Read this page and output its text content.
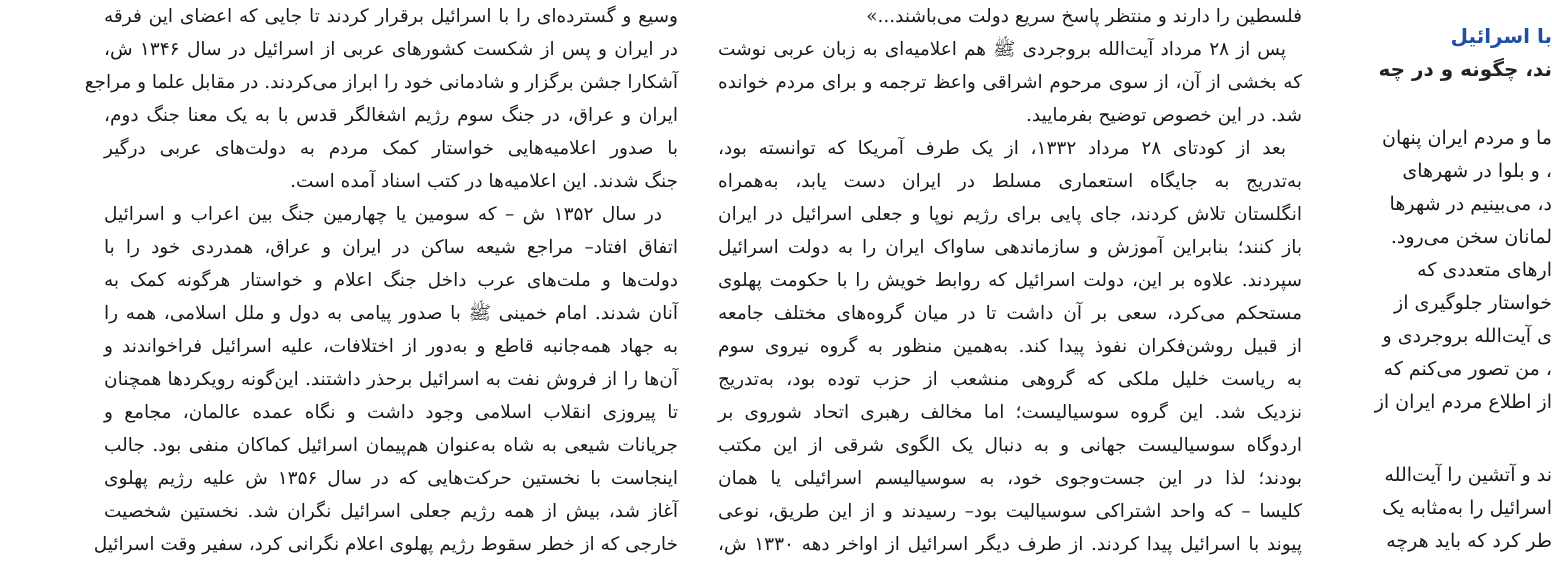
وسیع و گسترده‌ای را با اسرائیل برقرار کردند تا جایی که اعضای این فرقه
در ایران و پس از شکست کشورهای عربی از اسرائیل در سال ۱۳۴۶ ش،
آشکارا جشن برگزار و شادمانی خود را ابراز می‌کردند. در مقابل علما و مراجع
ایران و عراق، در جنگ سوم رژیم اشغالگر قدس با به یک معنا جنگ دوم،
با صدور اعلامیه‌هایی خواستار کمک مردم به دولت‌های عربی درگیر
جنگ شدند. این اعلامیه‌ها در کتب اسناد آمده است.
در سال ۱۳۵۲ ش – که سومین یا چهارمین جنگ بین اعراب و اسرائیل
اتفاق افتاد– مراجع شیعه ساکن در ایران و عراق، همدردی خود را با
دولت‌ها و ملت‌های عرب داخل جنگ اعلام و خواستار هرگونه کمک به
آنان شدند. امام خمینی ﷺ با صدور پیامی به دول و ملل اسلامی، همه را
به جهاد همه‌جانبه قاطع و به‌دور از اختلافات، علیه اسرائیل فراخواندند و
آن‌ها را از فروش نفت به اسرائیل برحذر داشتند. این‌گونه رویکردها همچنان
تا پیروزی انقلاب اسلامی وجود داشت و نگاه عمده عالمان، مجامع و
جریانات شیعی به شاه به‌عنوان هم‌پیمان اسرائیل کماکان منفی بود. جالب
اینجاست با نخستین حرکت‌هایی که در سال ۱۳۵۶ ش علیه رژیم پهلوی
آغاز شد، بیش از همه رژیم جعلی اسرائیل نگران شد. نخستین شخصیت
خارجی که از خطر سقوط رژیم پهلوی اعلام نگرانی کرد، سفیر وقت اسرائیل
فلسطین را دارند و منتظر پاسخ سریع دولت می‌باشند...»
پس از ۲۸ مرداد آیت‌الله بروجردی ﷺ هم اعلامیه‌ای به زبان عربی نوشت
که بخشی از آن، از سوی مرحوم اشراقی واعظ ترجمه و برای مردم خوانده
شد. در این خصوص توضیح بفرمایید.
بعد از کودتای ۲۸ مرداد ۱۳۳۲، از یک طرف آمریکا که توانسته بود،
به‌تدریج به جایگاه استعماری مسلط در ایران دست یابد، به‌همراه
انگلستان تلاش کردند، جای پایی برای رژیم نوپا و جعلی اسرائیل در ایران
باز کنند؛ بنابراین آموزش و سازماندهی ساواک ایران را به دولت اسرائیل
سپردند. علاوه بر این، دولت اسرائیل که روابط خویش را با حکومت پهلوی
مستحکم می‌کرد، سعی بر آن داشت تا در میان گروه‌های مختلف جامعه
از قبیل روشن‌فکران نفوذ پیدا کند. به‌همین منظور به گروه نیروی سوم
به ریاست خلیل ملکی که گروهی منشعب از حزب توده بود، به‌تدریج
نزدیک شد. این گروه سوسیالیست؛ اما مخالف رهبری اتحاد شوروی بر
اردوگاه سوسیالیست جهانی و به دنبال یک الگوی شرقی از این مکتب
بودند؛ لذا در این جست‌وجوی خود، به سوسیالیسم اسرائیلی یا همان
کلیسا – که واحد اشتراکی سوسیالیت بود– رسیدند و از این طریق، نوعی
پیوند با اسرائیل پیدا کردند. از طرف دیگر اسرائیل از اواخر دهه ۱۳۳۰ ش،
با اسرائیل
ند، چگونه و در چه
ما و مردم ایران پنهان
، و بلوا در شهرهای
د، می‌بینیم در شهرها
لمانان سخن می‌رود.
ارهای متعددی که
خواستار جلوگیری از
ی آیت‌الله بروجردی و
، من تصور می‌کنم که
از اطلاع مردم ایران از
ند و آتشین را آیت‌الله
اسرائیل را به‌مثابه یک
طر کرد که باید هرچه
